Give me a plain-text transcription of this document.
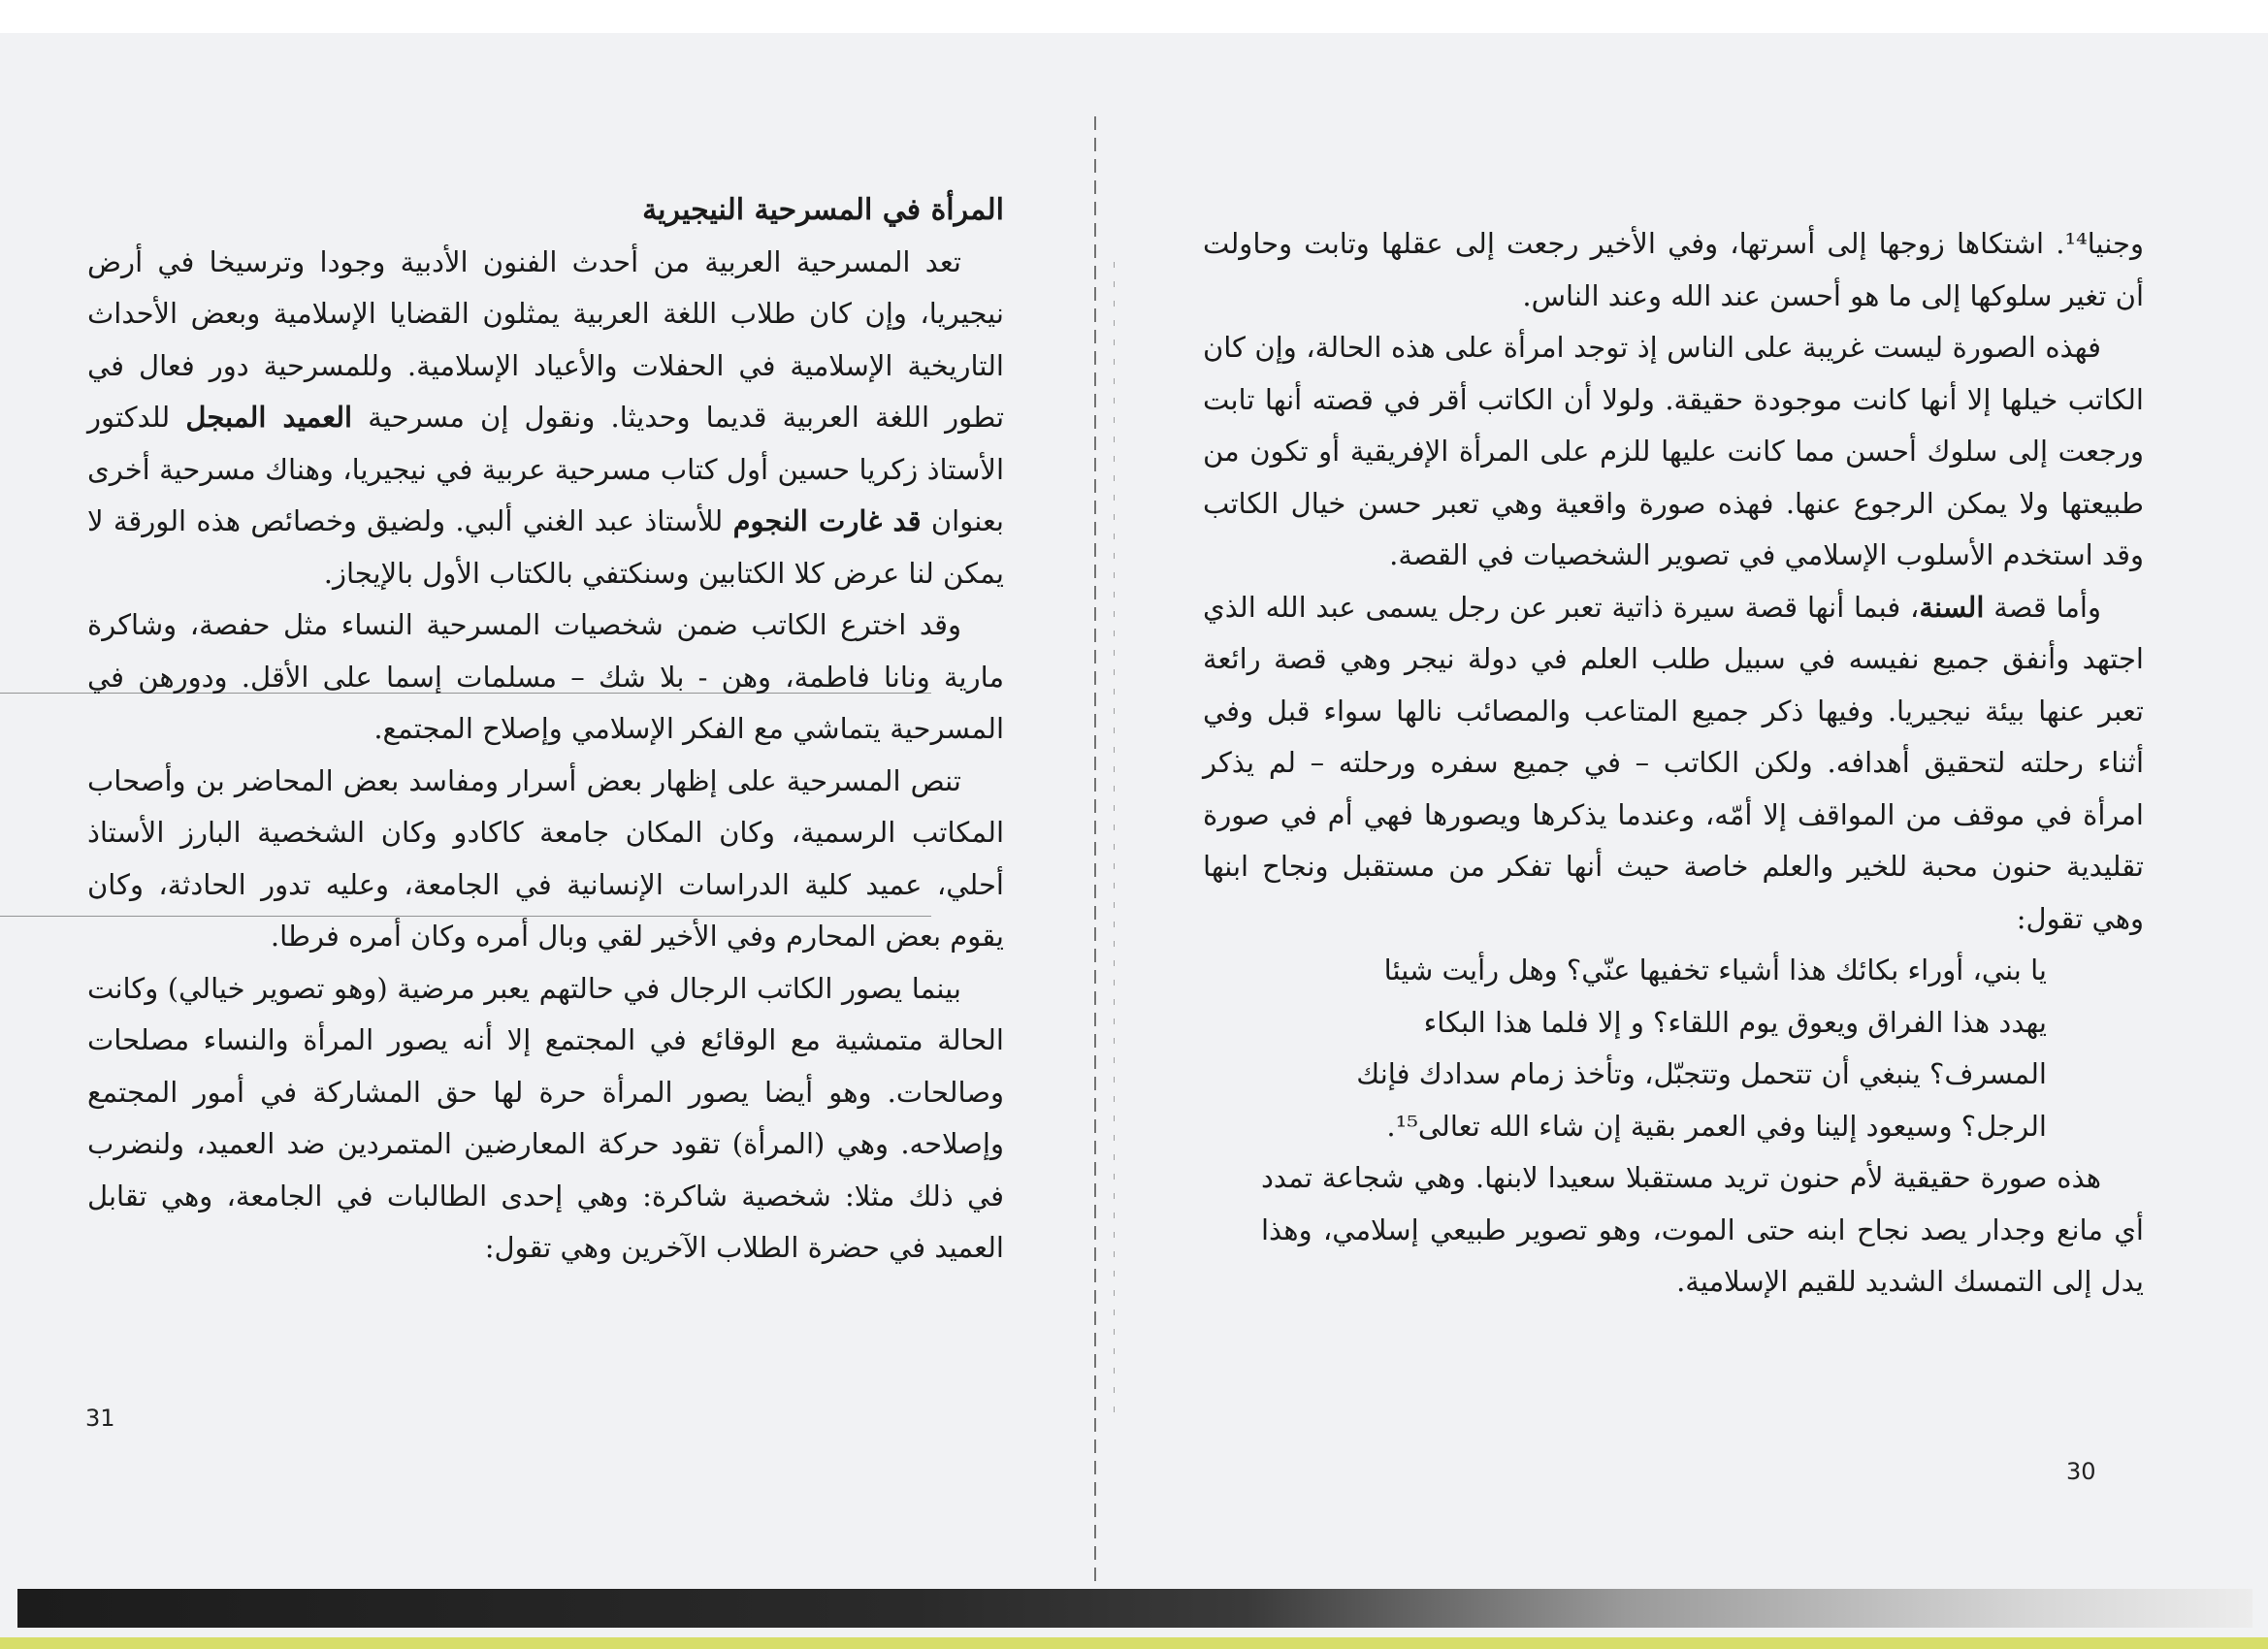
المرأة في المسرحية النيجيرية

تعد المسرحية العربية من أحدث الفنون الأدبية وجودا وترسيخا في أرض نيجيريا، وإن كان طلاب اللغة العربية يمثلون القضايا الإسلامية وبعض الأحداث التاريخية الإسلامية في الحفلات والأعياد الإسلامية. وللمسرحية دور فعال في تطور اللغة العربية قديما وحديثا. ونقول إن مسرحية العميد المبجل للدكتور الأستاذ زكريا حسين أول كتاب مسرحية عربية في نيجيريا، وهناك مسرحية أخرى بعنوان قد غارت النجوم للأستاذ عبد الغني ألبي. ولضيق وخصائص هذه الورقة لا يمكن لنا عرض كلا الكتابين وسنكتفي بالكتاب الأول بالإيجاز.

وقد اخترع الكاتب ضمن شخصيات المسرحية النساء مثل حفصة، وشاكرة مارية ونانا فاطمة، وهن - بلا شك – مسلمات إسما على الأقل. ودورهن في المسرحية يتماشي مع الفكر الإسلامي وإصلاح المجتمع.

تنص المسرحية على إظهار بعض أسرار ومفاسد بعض المحاضر بن وأصحاب المكاتب الرسمية، وكان المكان جامعة كاكادو وكان الشخصية البارز الأستاذ أحلي، عميد كلية الدراسات الإنسانية في الجامعة، وعليه تدور الحادثة، وكان يقوم بعض المحارم وفي الأخير لقي وبال أمره وكان أمره فرطا.

بينما يصور الكاتب الرجال في حالتهم يعبر مرضية (وهو تصوير خيالي) وكانت الحالة متمشية مع الوقائع في المجتمع إلا أنه يصور المرأة والنساء مصلحات وصالحات. وهو أيضا يصور المرأة حرة لها حق المشاركة في أمور المجتمع وإصلاحه. وهي (المرأة) تقود حركة المعارضين المتمردين ضد العميد، ولنضرب في ذلك مثلا: شخصية شاكرة: وهي إحدى الطالبات في الجامعة، وهي تقابل العميد في حضرة الطلاب الآخرين وهي تقول:

31

وجنيا¹⁴. اشتكاها زوجها إلى أسرتها، وفي الأخير رجعت إلى عقلها وتابت وحاولت أن تغير سلوكها إلى ما هو أحسن عند الله وعند الناس.

فهذه الصورة ليست غريبة على الناس إذ توجد امرأة على هذه الحالة، وإن كان الكاتب خيلها إلا أنها كانت موجودة حقيقة. ولولا أن الكاتب أقر في قصته أنها تابت ورجعت إلى سلوك أحسن مما كانت عليها للزم على المرأة الإفريقية أو تكون من طبيعتها ولا يمكن الرجوع عنها. فهذه صورة واقعية وهي تعبر حسن خيال الكاتب وقد استخدم الأسلوب الإسلامي في تصوير الشخصيات في القصة.

وأما قصة السنة، فبما أنها قصة سيرة ذاتية تعبر عن رجل يسمى عبد الله الذي اجتهد وأنفق جميع نفيسه في سبيل طلب العلم في دولة نيجر وهي قصة رائعة تعبر عنها بيئة نيجيريا. وفيها ذكر جميع المتاعب والمصائب نالها سواء قبل وفي أثناء رحلته لتحقيق أهدافه. ولكن الكاتب – في جميع سفره ورحلته – لم يذكر امرأة في موقف من المواقف إلا أمّه، وعندما يذكرها ويصورها فهي أم في صورة تقليدية حنون محبة للخير والعلم خاصة حيث أنها تفكر من مستقبل ونجاح ابنها وهي تقول:

يا بني، أوراء بكائك هذا أشياء تخفيها عنّي؟ وهل رأيت شيئا

يهدد هذا الفراق ويعوق يوم اللقاء؟ و إلا فلما هذا البكاء

المسرف؟ ينبغي أن تتحمل وتتجبّل، وتأخذ زمام سدادك فإنك

الرجل؟ وسيعود إلينا وفي العمر بقية إن شاء الله تعالى¹⁵.

هذه صورة حقيقية لأم حنون تريد مستقبلا سعيدا لابنها. وهي شجاعة تمدد أي مانع وجدار يصد نجاح ابنه حتى الموت، وهو تصوير طبيعي إسلامي، وهذا يدل إلى التمسك الشديد للقيم الإسلامية.

30
